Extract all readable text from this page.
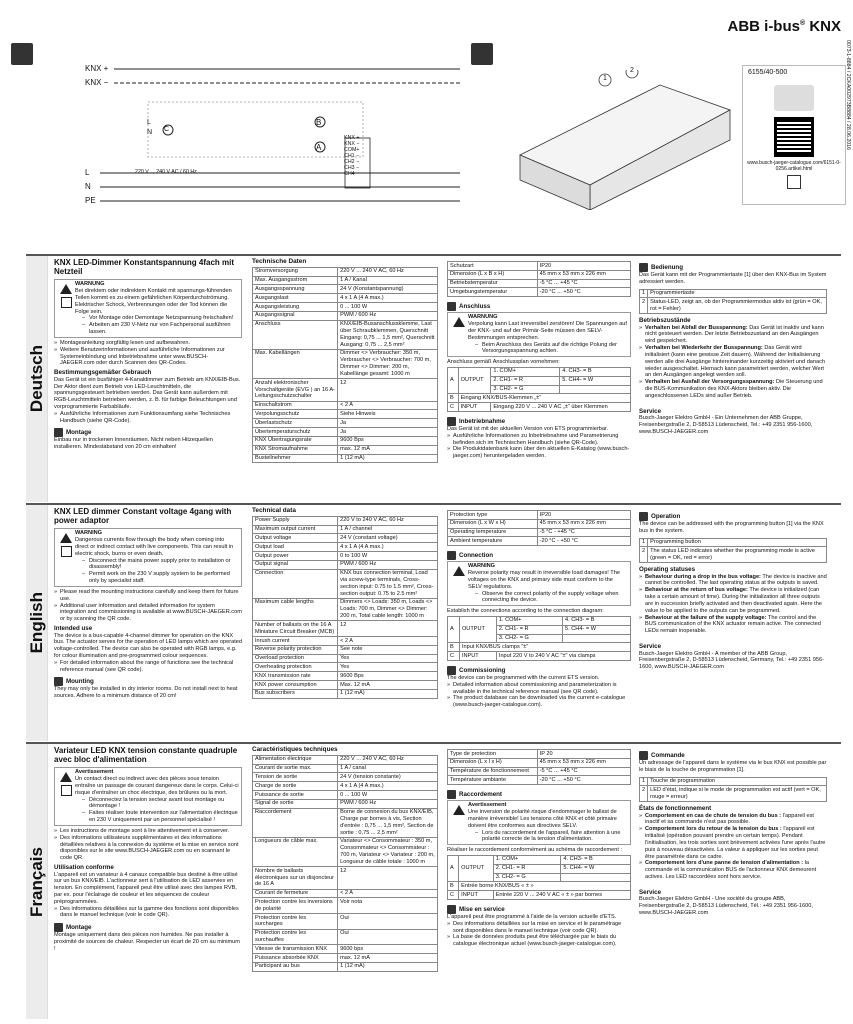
ABB i-bus® KNX
0073-1-8884 / 2CKA002973B8884 / 28.06.2016
KNX +
KNX −
L
N
PE
220 V ... 240 V AC / 60 Hz
B
A
C
L
N
KNX +
KNX −
COM+
CH1 −
CH2 −
CH3 −
CH4 −
1
2	6155/40-500
www.busch-jaeger-catalogue.com/6151-0-0256.artikel.html
Deutsch
English
Français
KNX LED-Dimmer Konstantspannung 4fach mit Netzteil
WARNUNG
Bei direktem oder indirektem Kontakt mit spannungs-führenden Teilen kommt es zu einem gefährlichen Körperdurchströmung. Elektrischer Schock, Verbrennungen oder der Tod können die Folge sein.
– Vor Montage oder Demontage Netzspannung freischalten!
– Arbeiten am 230 V-Netz nur von Fachpersonal ausführen lassen.
» Montageanleitung sorgfältig lesen und aufbewahren.
» Weitere Benutzerinformationen und ausführliche Informationen zur Systemeinbindung und Inbetriebnahme unter www.BUSCH-JAEGER.com oder durch Scannen des QR-Codes.
Bestimmungsgemäßer Gebrauch
Das Gerät ist ein busfähiger 4-Kanaldimmer zum Betrieb am KNX/EIB-Bus. Der Aktor dient zum Betrieb von LED-Leuchtmitteln, die spannungsgesteuert betrieben werden. Das Gerät kann außerdem mit RGB-Leuchtmitteln betrieben werden, z. B. für farbige Beleuchtungen und vorprogrammierte Farbabläufe.
» Ausführliche Informationen zum Funktionsumfang siehe Technisches Handbuch (siehe QR-Code).
Montage
Einbau nur in trockenen Innenräumen. Nicht neben Hitzequellen installieren. Mindestabstand von 20 cm einhalten!
Technische Daten
Stromversorgung	220 V ... 240 V AC, 60 Hz
Max. Ausgangsstrom	1 A / Kanal
Ausgangsspannung	24 V (Konstantspannung)
Ausgangslast	4 x 1 A (4 A max.)
Ausgangsleistung	0 ... 100 W
Ausgangssignal	PWM / 600 Hz
Anschluss	KNX/EIB-Busanschlussklemme, Last über Schraubklemmen, Querschnitt Eingang: 0,75 ... 1,5 mm², Querschnitt Ausgang: 0,75 ... 2,5 mm²
Max. Kabellängen	Dimmer <> Verbraucher: 350 m, Verbraucher <> Verbraucher: 700 m, Dimmer <> Dimmer: 200 m, Kabellänge gesamt: 1000 m
Anzahl elektronischer Vorschaltgeräte (EVG ) an 16 A-Leitungsschutzschalter	12
Einschaltstrom	< 2 A
Verpolungsschutz	Siehe Hinweis
Überlastschutz	Ja
Übertemperaturschutz	Ja
KNX Übertragungsrate	9600 Bps
KNX Stromaufnahme	max. 12 mA
Busteilnehmer	1 (12 mA)
Schutzart	IP20
Dimension (L x B x H)	45 mm x 53 mm x 226 mm
Betriebstemperatur	-5 °C ... +45 °C
Umgebungstemperatur	-20 °C ... +50 °C
Anschluss
WARNUNG
Verpolung kann Last irreversibel zerstören! Die Spannungen auf der KNX- und auf der Primär-Seite müssen den SELV-Bestimmungen entsprechen.
– Beim Anschluss des Geräts auf die richtige Polung der Versorgungsspannung achten.
Anschluss gemäß Anschlussplan vornehmen:
A	OUTPUT	1. COM+	4. CH3- = B
		2. CH1- = R	5. CH4- = W
		3. CH2- = G	
B	Eingang KNX/BUS-Klemmen „±“		
C	INPUT	Eingang 220 V ... 240 V AC „±“ über Klemmen	
Inbetriebnahme
Das Gerät ist mit der aktuellen Version von ETS programmierbar.
» Ausführliche Informationen zu Inbetriebnahme und Parametrierung befinden sich im Technischen Handbuch (siehe QR-Code).
» Die Produktdatenbank kann über den aktuellen E-Katalog (www.busch-jaeger.com) heruntergeladen werden.
Bedienung
Das Gerät kann mit der Programmiertaste [1] über den KNX-Bus im System adressiert werden.
1	Programmiertaste
2	Status-LED, zeigt an, ob der Programmiermodus aktiv ist (grün = OK, rot = Fehler)
Betriebszustände
» Verhalten bei Abfall der Busspannung: Das Gerät ist inaktiv und kann nicht gesteuert werden. Der letzte Betriebszustand an den Ausgängen wird gespeichert.
» Verhalten bei Wiederkehr der Busspannung: Das Gerät wird initialisiert (kann eine gewisse Zeit dauern). Während der Initialisierung werden alle drei Ausgänge hintereinander kurzzeitig aktiviert und danach wieder ausgeschaltet. Hiernach kann parametriert werden, welcher Wert an den Ausgängen angelegt werden soll.
» Verhalten bei Ausfall der Versorgungsspannung: Die Steuerung und die BUS-Kommunikation des KNX-Aktors bleiben aktiv. Die angeschlossenen LEDs sind außer Betrieb.
Service
Busch-Jaeger Elektro GmbH - Ein Unternehmen der ABB Gruppe, Freisenbergstraße 2, D-58513 Lüdenscheid, Tel.: +49 2351 956-1600, www.BUSCH-JAEGER.com
KNX LED dimmer Constant voltage 4gang with power adaptor
WARNING
Dangerous currents flow through the body when coming into direct or indirect contact with live components. This can result in electric shock, burns or even death.
– Disconnect the mains power supply prior to installation or disassembly!
– Permit work on the 230 V supply system to be performed only by specialist staff.
» Please read the mounting instructions carefully and keep them for future use.
» Additional user information and detailed information for system integration and commissioning is available at www.BUSCH-JAEGER.com or by scanning the QR code.
Intended use
The device is a bus-capable 4-channel dimmer for operation on the KNX bus. The actuator serves for the operation of LED lamps which are operated voltage-controlled. The device can also be operated with RGB lamps, e.g. for colour illumination and pre-programmed colour sequences.
» For detailed information about the range of functions see the technical reference manual (see QR code).
Mounting
They may only be installed in dry interior rooms. Do not install next to heat sources. Adhere to a minimum distance of 20 cm!
Technical data
Power Supply	220 V to 240 V AC, 60 Hz
Maximum output current	1 A / channel
Output voltage	24 V (constant voltage)
Output load	4 x 1 A (4 A max.)
Output power	0 to 100 W
Output signal	PWM / 600 Hz
Connection	KNX bus connection terminal, Load via screw-type terminals, Cross-section input: 0.75 to 1.5 mm², Cross-section output: 0.75 to 2.5 mm²
Maximum cable lengths	Dimmers <> Loads: 350 m, Loads <> Loads: 700 m, Dimmer <> Dimmer: 200 m, Total cable length: 1000 m
Number of ballasts on the 16 A Miniature Circuit Breaker (MCB)	12
Inrush current	< 2 A
Reverse polarity protection	See note
Overload protection	Yes
Overheating protection	Yes
KNX transmission rate	9600 Bps
KNX power consumption	Max. 12 mA
Bus subscribers	1 (12 mA)
Protection type	IP20
Dimension (L x W x H)	45 mm x 53 mm x 226 mm
Operating temperature	-5 °C - +45 °C
Ambient temperature	-20 °C - +50 °C
Connection
WARNING
Reverse polarity may result in irreversible load damages! The voltages on the KNX and primary side must conform to the SELV regulations.
– Observe the correct polarity of the supply voltage when connecting the device.
Establish the connections according to the connection diagram:
A	OUTPUT	1. COM+	4. CH3- = B
		2. CH1- = R	5. CH4- = W
		3. CH2- = G	
B	Input KNX/BUS clamps "±"		
C	INPUT	Input 220 V to 240 V AC "±" via clamps	
Commissioning
The device can be programmed with the current ETS version.
» Detailed information about commissioning and parameterization is available in the technical reference manual (see QR code).
» The product database can be downloaded via the current e-catalogue (www.busch-jaeger-catalogue.com).
Operation
The device can be addressed with the programming button [1] via the KNX bus in the system.
1	Programming button
2	The status LED indicates whether the programming mode is active (green = OK, red = error)
Operating statuses
» Behaviour during a drop in the bus voltage: The device is inactive and cannot be controlled. The last operating status at the outputs is saved.
» Behaviour at the return of bus voltage: The device is initialized (can take a certain amount of time). During the initialization all three outputs are in succession briefly activated and then deactivated again. Here the value to be applied to the outputs can be programmed.
» Behaviour at the failure of the supply voltage: The control and the BUS communication of the KNX actuator remain active. The connected LEDs remain inoperable.
Service
Busch-Jaeger Elektro GmbH - A member of the ABB Group, Freisenbergstraße 2, D-58513 Lüdenscheid, Germany, Tel.: +49 2351 956-1600, www.BUSCH-JAEGER.com
Variateur LED KNX tension constante quadruple avec bloc d'alimentation
Avertissement
Un contact direct ou indirect avec des pièces sous tension entraîne un passage de courant dangereux dans le corps. Celui-ci risque d'entraîner un choc électrique, des brûlures ou la mort.
– Déconnectez la tension secteur avant tout montage ou démontage !
– Faites réaliser toute intervention sur l'alimentation électrique en 230 V uniquement par un personnel spécialisé !
» Les instructions de montage sont à lire attentivement et à conserver.
» Des informations utilisateurs supplémentaires et des informations détaillées relatives à la connexion du système et la mise en service sont disponibles sur le site www.BUSCH-JAEGER.com ou en scannant le code QR.
Utilisation conforme
L'appareil est un variateur à 4 canaux compatible bus destiné à être utilisé sur un bus KNX/EIB. L'actionneur sert à l'utilisation de LED asservies en tension. En complément, l'appareil peut être utilisé avec des lampes RVB, par ex. pour l'éclairage de couleur et les séquences de couleur préprogrammées.
» Des informations détaillées sur la gamme des fonctions sont disponibles dans le manuel technique (voir le code QR).
Montage
Montage uniquement dans des pièces non humides. Ne pas installer à proximité de sources de chaleur. Respecter un écart de 20 cm au minimum !
Caractéristiques techniques
Alimentation électrique	220 V ... 240 V AC, 60 Hz
Courant de sortie max.	1 A / canal
Tension de sortie	24 V (tension constante)
Charge de sortie	4 x 1 A (4 A max.)
Puissance de sortie	0 ... 100 W
Signal de sortie	PWM / 600 Hz
Raccordement	Borne de connexion du bus KNX/EIB, Charge par bornes à vis, Section d'entrée : 0,75 ... 1,5 mm², Section de sortie : 0,75 ... 2,5 mm²
Longueurs de câble max.	Variateur <> Consommateur : 350 m, Consommateur <> Consommateur : 700 m, Variateur <> Variateur : 200 m, Longueur de câble totale : 1000 m
Nombre de ballasts électroniques sur un disjoncteur de 16 A	12
Courant de fermeture	< 2 A
Protection contre les inversions de polarité	Voir nota
Protection contre les surcharges	Oui
Protection contre les surchauffes	Oui
Vitesse de transmission KNX	9600 bps
Puissance absorbée KNX	max. 12 mA
Participant au bus	1 (12 mA)
Type de protection	IP 20
Dimension (L x l x H)	45 mm x 53 mm x 226 mm
Température de fonctionnement	-5 °C ... +45 °C
Température ambiante	-20 °C ... +50 °C
Raccordement
Avertissement
Une inversion de polarité risque d'endommager le ballast de manière irréversible! Les tensions côté KNX et côté primaire doivent être conformes aux directives SELV.
– Lors du raccordement de l'appareil, faire attention à une polarité correcte de la tension d'alimentation.
Réaliser le raccordement conformément au schéma de raccordement :
A	OUTPUT	1. COM+	4. CH3- = B
		2. CH1- = R	5. CH4- = W
		3. CH2- = G	
B	Entrée borne KNX/BUS « ± »		
C	INPUT	Entrée 220 V ... 240 V AC « ± » par bornes	
Mise en service
L'appareil peut être programmé à l'aide de la version actuelle d'ETS.
» Des informations détaillées sur la mise en service et le paramétrage sont disponibles dans le manuel technique (voir code QR).
» La base de données produits peut être téléchargée par le biais du catalogue électronique actuel (www.busch-jaeger-catalogue.com).
Commande
Un adressage de l'appareil dans le système via le bus KNX est possible par le biais de la touche de programmation [1].
1	Touche de programmation
2	LED d'état, indique si le mode de programmation est actif (vert = OK, rouge = erreur)
États de fonctionnement
» Comportement en cas de chute de tension du bus : l'appareil est inactif et sa commande n'est pas possible.
» Comportement lors du retour de la tension du bus : l'appareil est initialisé (opération pouvant prendre un certain temps). Pendant l'initialisation, les trois sorties sont brièvement activées l'une après l'autre puis à nouveau désactivées. La valeur à appliquer sur les sorties peut être paramétrée dans ce cadre.
» Comportement lors d'une panne de tension d'alimentation : la commande et la communication BUS de l'actionneur KNX demeurent actives. Les LED raccordées sont hors service.
Service
Busch-Jaeger Elektro GmbH - Une société du groupe ABB, Freisenbergstraße 2, D-58513 Lüdenscheid, Tél.: +49 2351 956-1600, www.BUSCH-JAEGER.com
